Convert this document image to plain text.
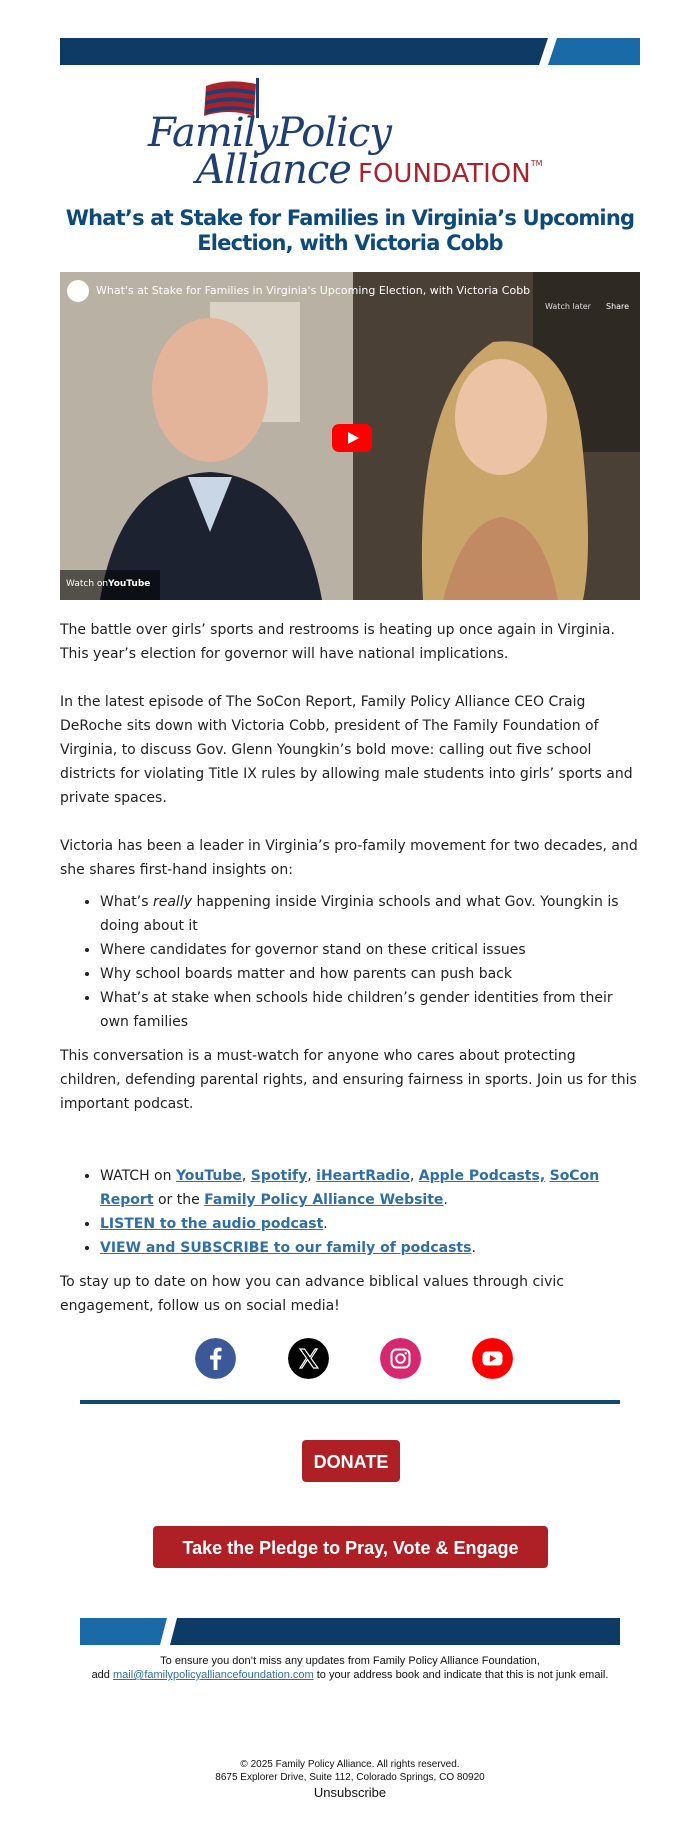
FamilyPolicy
Alliance FOUNDATION™
What’s at Stake for Families in Virginia’s Upcoming Election, with Victoria Cobb
What's at Stake for Families in Virginia's Upcoming Election, with Victoria Cobb
Watch later Share
Watch on YouTube

The battle over girls’ sports and restrooms is heating up once again in Virginia. This year’s election for governor will have national implications.

In the latest episode of The SoCon Report, Family Policy Alliance CEO Craig DeRoche sits down with Victoria Cobb, president of The Family Foundation of Virginia, to discuss Gov. Glenn Youngkin’s bold move: calling out five school districts for violating Title IX rules by allowing male students into girls’ sports and private spaces.

Victoria has been a leader in Virginia’s pro-family movement for two decades, and she shares first-hand insights on:

• What’s really happening inside Virginia schools and what Gov. Youngkin is doing about it
• Where candidates for governor stand on these critical issues
• Why school boards matter and how parents can push back
• What’s at stake when schools hide children’s gender identities from their own families

This conversation is a must-watch for anyone who cares about protecting children, defending parental rights, and ensuring fairness in sports. Join us for this important podcast.

• WATCH on YouTube, Spotify, iHeartRadio, Apple Podcasts, SoCon Report or the Family Policy Alliance Website.
• LISTEN to the audio podcast.
• VIEW and SUBSCRIBE to our family of podcasts.

To stay up to date on how you can advance biblical values through civic engagement, follow us on social media!

DONATE
Take the Pledge to Pray, Vote & Engage
To ensure you don’t miss any updates from Family Policy Alliance Foundation,
add mail@familypolicyalliancefoundation.com to your address book and indicate that this is not junk email.
© 2025 Family Policy Alliance. All rights reserved.
8675 Explorer Drive, Suite 112, Colorado Springs, CO 80920
Unsubscribe
